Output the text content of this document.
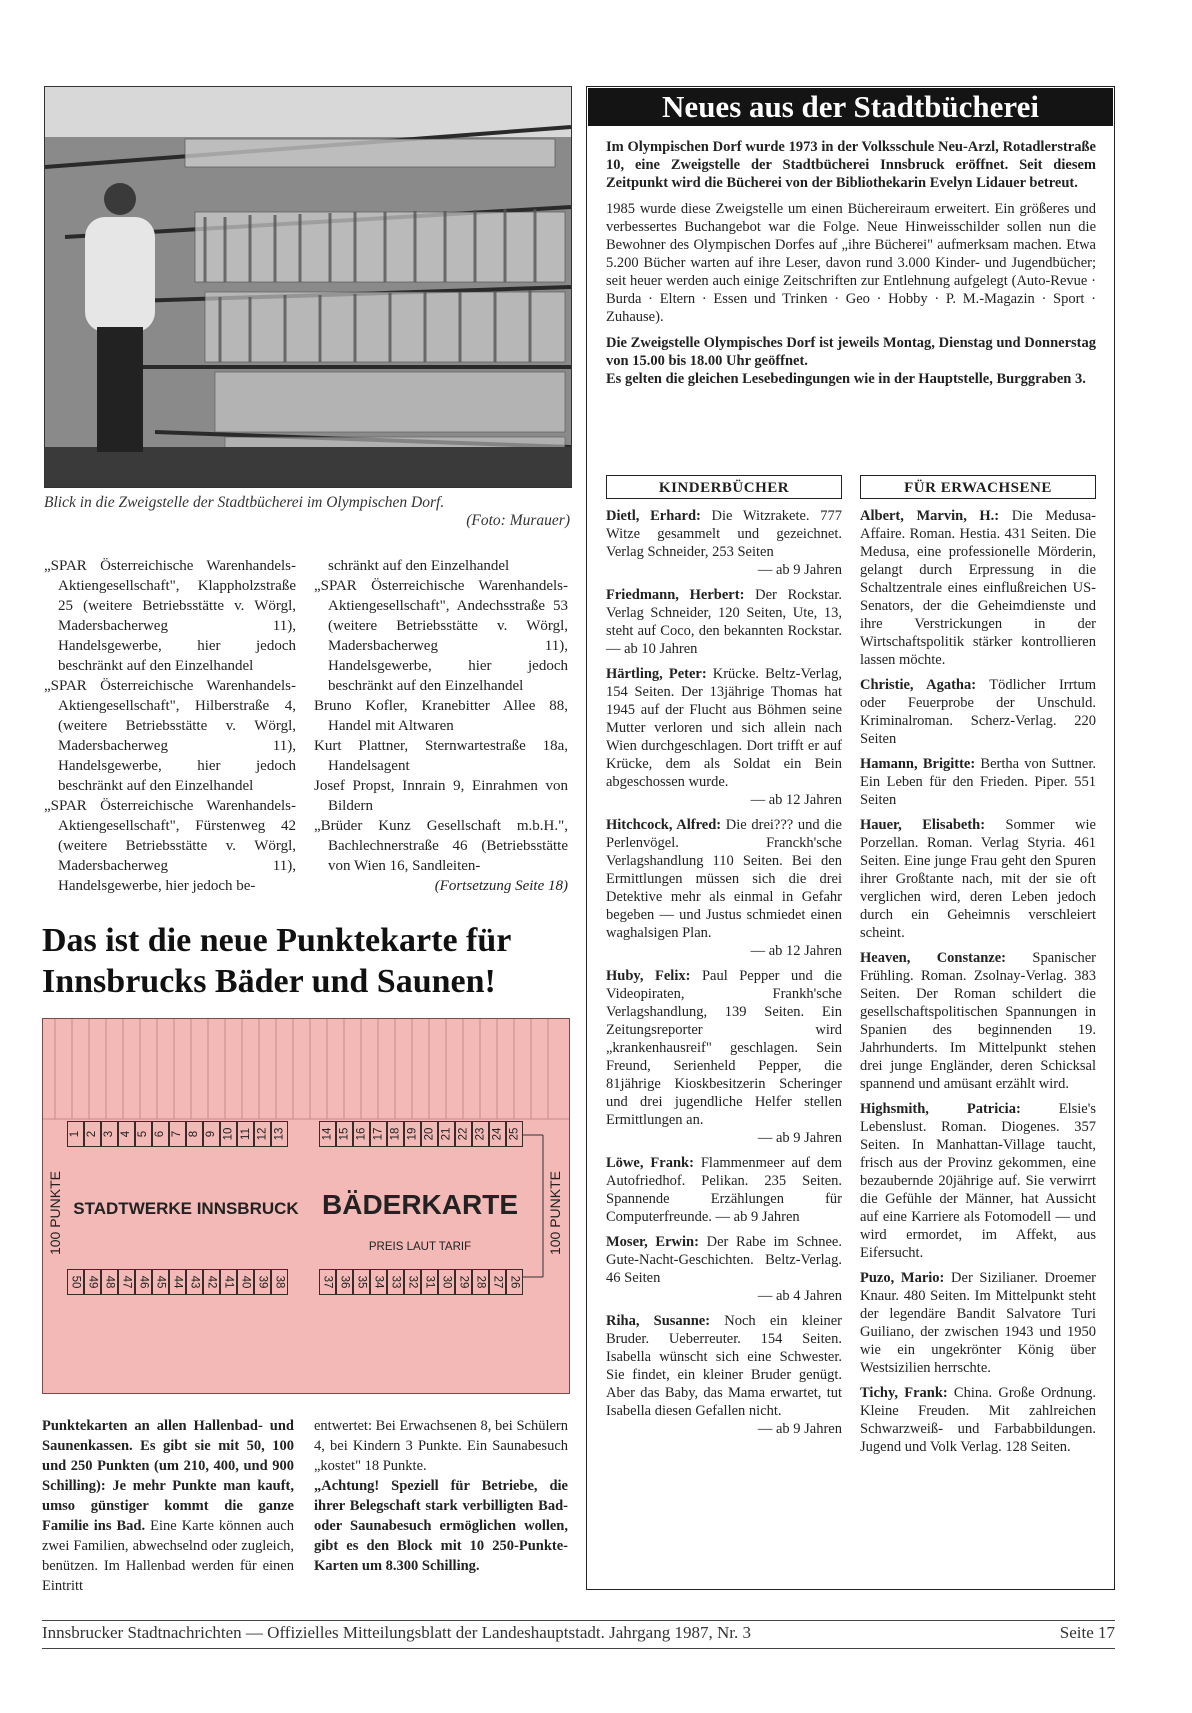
Blick in die Zweigstelle der Stadtbücherei im Olympischen Dorf.
(Foto: Murauer)

„SPAR Österreichische Warenhandels-Aktiengesellschaft", Klappholzstraße 25 (weitere Betriebsstätte v. Wörgl, Madersbacherweg 11), Handelsgewerbe, hier jedoch beschränkt auf den Einzelhandel

„SPAR Österreichische Warenhandels-Aktiengesellschaft", Hilberstraße 4, (weitere Betriebsstätte v. Wörgl, Madersbacherweg 11), Handelsgewerbe, hier jedoch beschränkt auf den Einzelhandel

„SPAR Österreichische Warenhandels-Aktiengesellschaft", Fürstenweg 42 (weitere Betriebsstätte v. Wörgl, Madersbacherweg 11), Handelsgewerbe, hier jedoch be-

schränkt auf den Einzelhandel

„SPAR Österreichische Warenhandels-Aktiengesellschaft", Andechsstraße 53 (weitere Betriebsstätte v. Wörgl, Madersbacherweg 11), Handelsgewerbe, hier jedoch beschränkt auf den Einzelhandel

Bruno Kofler, Kranebitter Allee 88, Handel mit Altwaren

Kurt Plattner, Sternwartestraße 18a, Handelsagent

Josef Propst, Innrain 9, Einrahmen von Bildern

„Brüder Kunz Gesellschaft m.b.H.", Bachlechnerstraße 46 (Betriebsstätte von Wien 16, Sandleiten-

(Fortsetzung Seite 18)

Das ist die neue Punktekarte für Innsbrucks Bäder und Saunen!
1 2 3 4 5 6 7 8 9 10 11 12 13	14 15 16 17 18 19 20 21 22 23 24 25
100 PUNKTE	100 PUNKTE
STADTWERKE INNSBRUCK BÄDERKARTE
PREIS LAUT TARIF
50 49 48 47 46 45 44 43 42 41 40 39 38	37 36 35 34 33 32 31 30 29 28 27 26
Punktekarten an allen Hallenbad- und Saunenkassen. Es gibt sie mit 50, 100 und 250 Punkten (um 210, 400, und 900 Schilling): Je mehr Punkte man kauft, umso günstiger kommt die ganze Familie ins Bad. Eine Karte können auch zwei Familien, abwechselnd oder zugleich, benützen. Im Hallenbad werden für einen Eintritt
entwertet: Bei Erwachsenen 8, bei Schülern 4, bei Kindern 3 Punkte. Ein Saunabesuch „kostet" 18 Punkte.
„Achtung! Speziell für Betriebe, die ihrer Belegschaft stark verbilligten Bad- oder Saunabesuch ermöglichen wollen, gibt es den Block mit 10 250-Punkte-Karten um 8.300 Schilling.
Neues aus der Stadtbücherei

Im Olympischen Dorf wurde 1973 in der Volksschule Neu-Arzl, Rotadlerstraße 10, eine Zweigstelle der Stadtbücherei Innsbruck eröffnet. Seit diesem Zeitpunkt wird die Bücherei von der Bibliothekarin Evelyn Lidauer betreut.

1985 wurde diese Zweigstelle um einen Büchereiraum erweitert. Ein größeres und verbessertes Buchangebot war die Folge. Neue Hinweisschilder sollen nun die Bewohner des Olympischen Dorfes auf „ihre Bücherei" aufmerksam machen. Etwa 5.200 Bücher warten auf ihre Leser, davon rund 3.000 Kinder- und Jugendbücher; seit heuer werden auch einige Zeitschriften zur Entlehnung aufgelegt (Auto-Revue · Burda · Eltern · Essen und Trinken · Geo · Hobby · P. M.-Magazin · Sport · Zuhause).

Die Zweigstelle Olympisches Dorf ist jeweils Montag, Dienstag und Donnerstag von 15.00 bis 18.00 Uhr geöffnet.

Es gelten die gleichen Lesebedingungen wie in der Hauptstelle, Burggraben 3.

KINDERBÜCHER	FÜR ERWACHSENE

Dietl, Erhard: Die Witzrakete. 777 Witze gesammelt und gezeichnet. Verlag Schneider, 253 Seiten
— ab 9 Jahren

Friedmann, Herbert: Der Rockstar. Verlag Schneider, 120 Seiten, Ute, 13, steht auf Coco, den bekannten Rockstar. — ab 10 Jahren

Härtling, Peter: Krücke. Beltz-Verlag, 154 Seiten. Der 13jährige Thomas hat 1945 auf der Flucht aus Böhmen seine Mutter verloren und sich allein nach Wien durchgeschlagen. Dort trifft er auf Krücke, dem als Soldat ein Bein abgeschossen wurde.
— ab 12 Jahren

Hitchcock, Alfred: Die drei??? und die Perlenvögel. Franckh'sche Verlagshandlung 110 Seiten. Bei den Ermittlungen müssen sich die drei Detektive mehr als einmal in Gefahr begeben — und Justus schmiedet einen waghalsigen Plan.
— ab 12 Jahren

Huby, Felix: Paul Pepper und die Videopiraten, Frankh'sche Verlagshandlung, 139 Seiten. Ein Zeitungsreporter wird „krankenhausreif" geschlagen. Sein Freund, Serienheld Pepper, die 81jährige Kioskbesitzerin Scheringer und drei jugendliche Helfer stellen Ermittlungen an.
— ab 9 Jahren

Löwe, Frank: Flammenmeer auf dem Autofriedhof. Pelikan. 235 Seiten. Spannende Erzählungen für Computerfreunde. — ab 9 Jahren

Moser, Erwin: Der Rabe im Schnee. Gute-Nacht-Geschichten. Beltz-Verlag. 46 Seiten
— ab 4 Jahren

Riha, Susanne: Noch ein kleiner Bruder. Ueberreuter. 154 Seiten. Isabella wünscht sich eine Schwester. Sie findet, ein kleiner Bruder genügt. Aber das Baby, das Mama erwartet, tut Isabella diesen Gefallen nicht.
— ab 9 Jahren

Albert, Marvin, H.: Die Medusa-Affaire. Roman. Hestia. 431 Seiten. Die Medusa, eine professionelle Mörderin, gelangt durch Erpressung in die Schaltzentrale eines einflußreichen US-Senators, der die Geheimdienste und ihre Verstrickungen in der Wirtschaftspolitik stärker kontrollieren lassen möchte.

Christie, Agatha: Tödlicher Irrtum oder Feuerprobe der Unschuld. Kriminalroman. Scherz-Verlag. 220 Seiten

Hamann, Brigitte: Bertha von Suttner. Ein Leben für den Frieden. Piper. 551 Seiten

Hauer, Elisabeth: Sommer wie Porzellan. Roman. Verlag Styria. 461 Seiten. Eine junge Frau geht den Spuren ihrer Großtante nach, mit der sie oft verglichen wird, deren Leben jedoch durch ein Geheimnis verschleiert scheint.

Heaven, Constanze: Spanischer Frühling. Roman. Zsolnay-Verlag. 383 Seiten. Der Roman schildert die gesellschaftspolitischen Spannungen in Spanien des beginnenden 19. Jahrhunderts. Im Mittelpunkt stehen drei junge Engländer, deren Schicksal spannend und amüsant erzählt wird.

Highsmith, Patricia: Elsie's Lebenslust. Roman. Diogenes. 357 Seiten. In Manhattan-Village taucht, frisch aus der Provinz gekommen, eine bezaubernde 20jährige auf. Sie verwirrt die Gefühle der Männer, hat Aussicht auf eine Karriere als Fotomodell — und wird ermordet, im Affekt, aus Eifersucht.

Puzo, Mario: Der Sizilianer. Droemer Knaur. 480 Seiten. Im Mittelpunkt steht der legendäre Bandit Salvatore Turi Guiliano, der zwischen 1943 und 1950 wie ein ungekrönter König über Westsizilien herrschte.

Tichy, Frank: China. Große Ordnung. Kleine Freuden. Mit zahlreichen Schwarzweiß- und Farbabbildungen. Jugend und Volk Verlag. 128 Seiten.

Innsbrucker Stadtnachrichten — Offizielles Mitteilungsblatt der Landeshauptstadt. Jahrgang 1987, Nr. 3	Seite 17
